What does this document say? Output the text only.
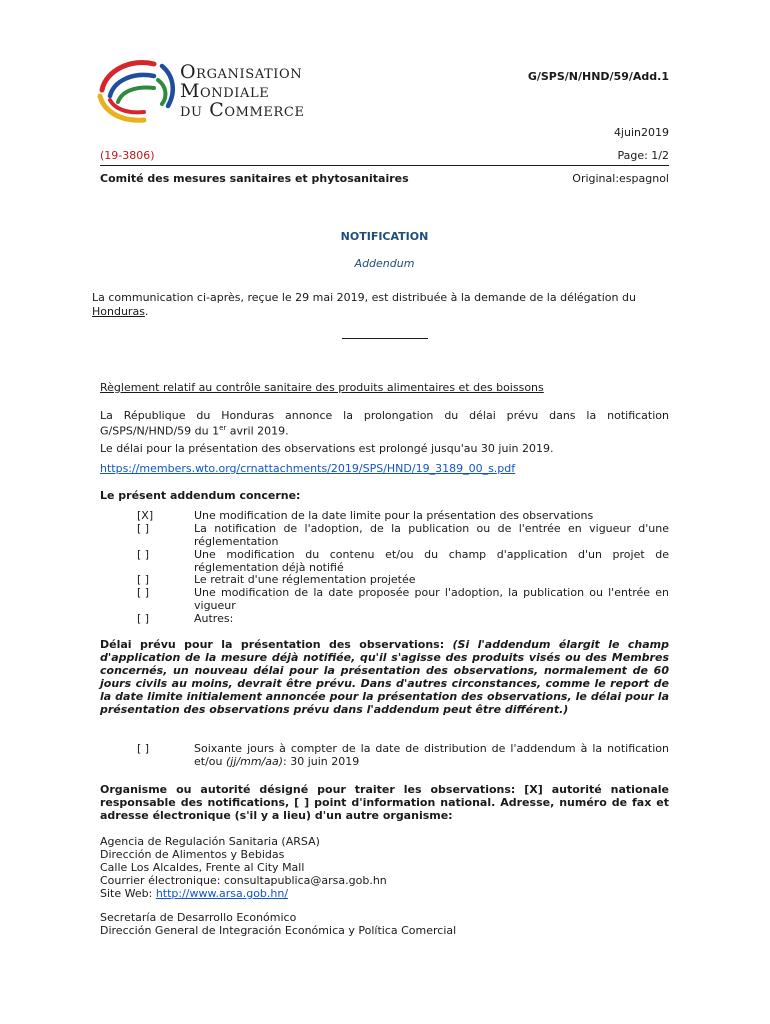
Organisation
Mondiale
du Commerce
G/SPS/N/HND/59/Add.1
4juin2019
(19-3806)	Page: 1/2
Comité des mesures sanitaires et phytosanitaires	Original:espagnol
NOTIFICATION
Addendum
La communication ci-après, reçue le 29 mai 2019, est distribuée à la demande de la délégation du Honduras.
Règlement relatif au contrôle sanitaire des produits alimentaires et des boissons
La République du Honduras annonce la prolongation du délai prévu dans la notification G/SPS/N/HND/59 du 1er avril 2019.
Le délai pour la présentation des observations est prolongé jusqu'au 30 juin 2019.
https://members.wto.org/crnattachments/2019/SPS/HND/19_3189_00_s.pdf
Le présent addendum concerne:
[X]	Une modification de la date limite pour la présentation des observations
[ ]	La notification de l'adoption, de la publication ou de l'entrée en vigueur d'une réglementation
[ ]	Une modification du contenu et/ou du champ d'application d'un projet de réglementation déjà notifié
[ ]	Le retrait d'une réglementation projetée
[ ]	Une modification de la date proposée pour l'adoption, la publication ou l'entrée en vigueur
[ ]	Autres:
Délai prévu pour la présentation des observations: (Si l'addendum élargit le champ d'application de la mesure déjà notifiée, qu'il s'agisse des produits visés ou des Membres concernés, un nouveau délai pour la présentation des observations, normalement de 60 jours civils au moins, devrait être prévu. Dans d'autres circonstances, comme le report de la date limite initialement annoncée pour la présentation des observations, le délai pour la présentation des observations prévu dans l'addendum peut être différent.)
[ ]	Soixante jours à compter de la date de distribution de l'addendum à la notification et/ou (jj/mm/aa): 30 juin 2019
Organisme ou autorité désigné pour traiter les observations: [X] autorité nationale responsable des notifications, [ ] point d'information national. Adresse, numéro de fax et adresse électronique (s'il y a lieu) d'un autre organisme:
Agencia de Regulación Sanitaria (ARSA)
Dirección de Alimentos y Bebidas
Calle Los Alcaldes, Frente al City Mall
Courrier électronique: consultapublica@arsa.gob.hn
Site Web: http://www.arsa.gob.hn/
Secretaría de Desarrollo Económico
Dirección General de Integración Económica y Política Comercial
